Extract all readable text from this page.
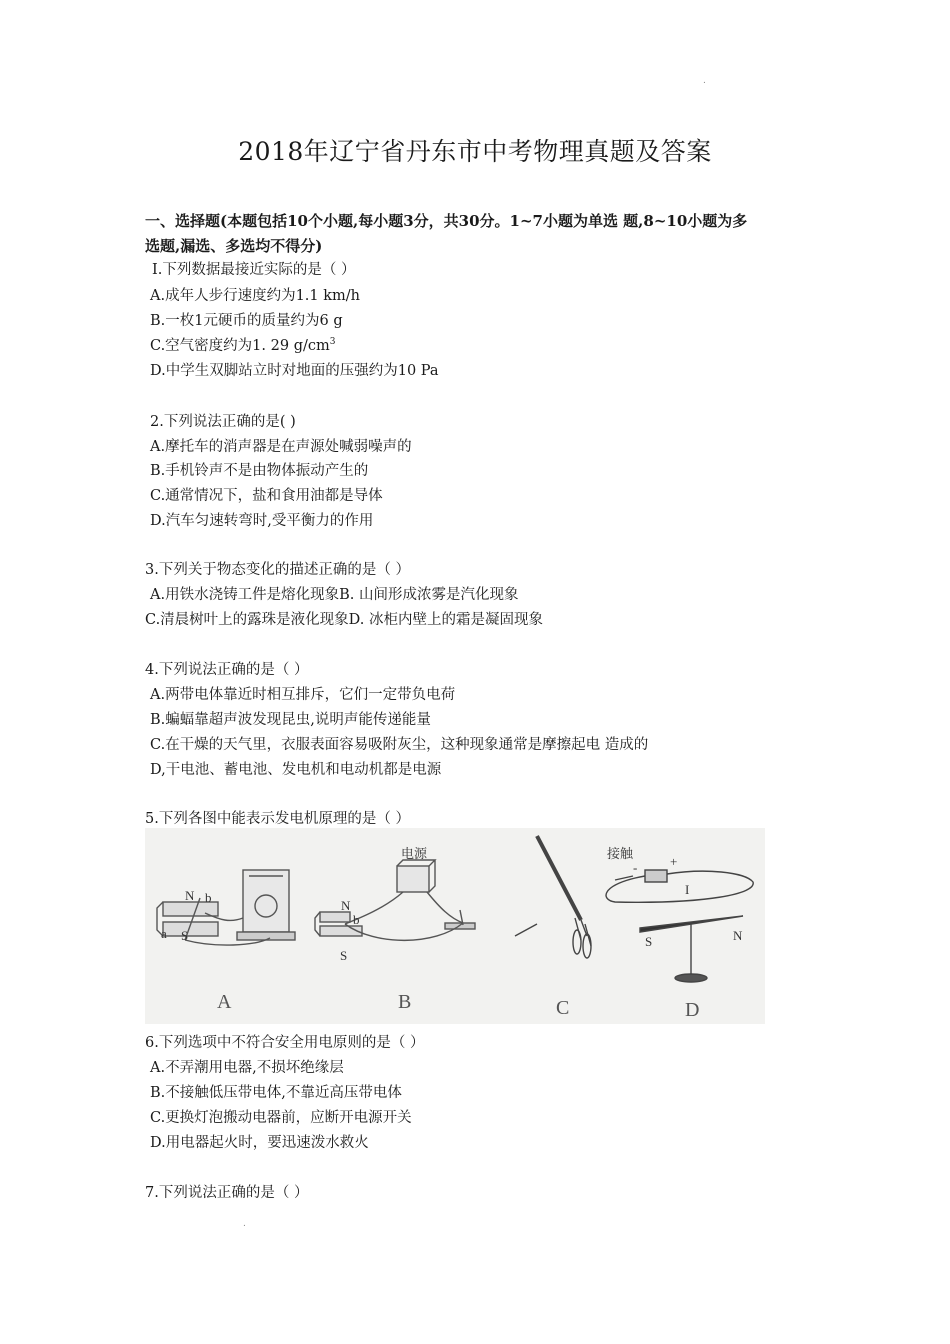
.
2018年辽宁省丹东市中考物理真题及答案
一、选择题(本题包括10个小题,每小题3分，共30分。1~7小题为单选 题,8~10小题为多
选题,漏选、多选均不得分)
I.下列数据最接近实际的是（ ）
A.成年人步行速度约为1.1 km/h
B.一枚1元硬币的质量约为6 g
C.空气密度约为1. 29 $g/cm^3$
D.中学生双脚站立时对地面的压强约为10 Pa
2.下列说法正确的是( )
A.摩托车的消声器是在声源处喊弱噪声的
B.手机铃声不是由物体振动产生的
C.通常情况下，盐和食用油都是导体
D.汽车匀速转弯时,受平衡力的作用
3.下列关于物态变化的描述正确的是（ ）
A.用铁水浇铸工件是熔化现象B. 山间形成浓雾是汽化现象
C.清晨树叶上的露珠是液化现象D. 冰柜内壁上的霜是凝固现象
4.下列说法正确的是（ ）
A.两带电体靠近时相互排斥，它们一定带负电荷
B.蝙蝠靠超声波发现昆虫,说明声能传递能量
C.在干燥的天气里，衣服表面容易吸附灰尘，这种现象通常是摩擦起电 造成的
D,干电池、蓄电池、发电机和电动机都是电源
5.下列各图中能表示发电机原理的是（ ）
N b
S
a
A
电源
N
b
S
B	C
接触	+
-
I
S	N
D
6.下列选项中不符合安全用电原则的是（ ）
A.不弄潮用电器,不损坏绝缘层
B.不接触低压带电体,不靠近高压带电体
C.更换灯泡搬动电器前，应断开电源开关
D.用电器起火时，要迅速泼水救火
7.下列说法正确的是（ ）
.
